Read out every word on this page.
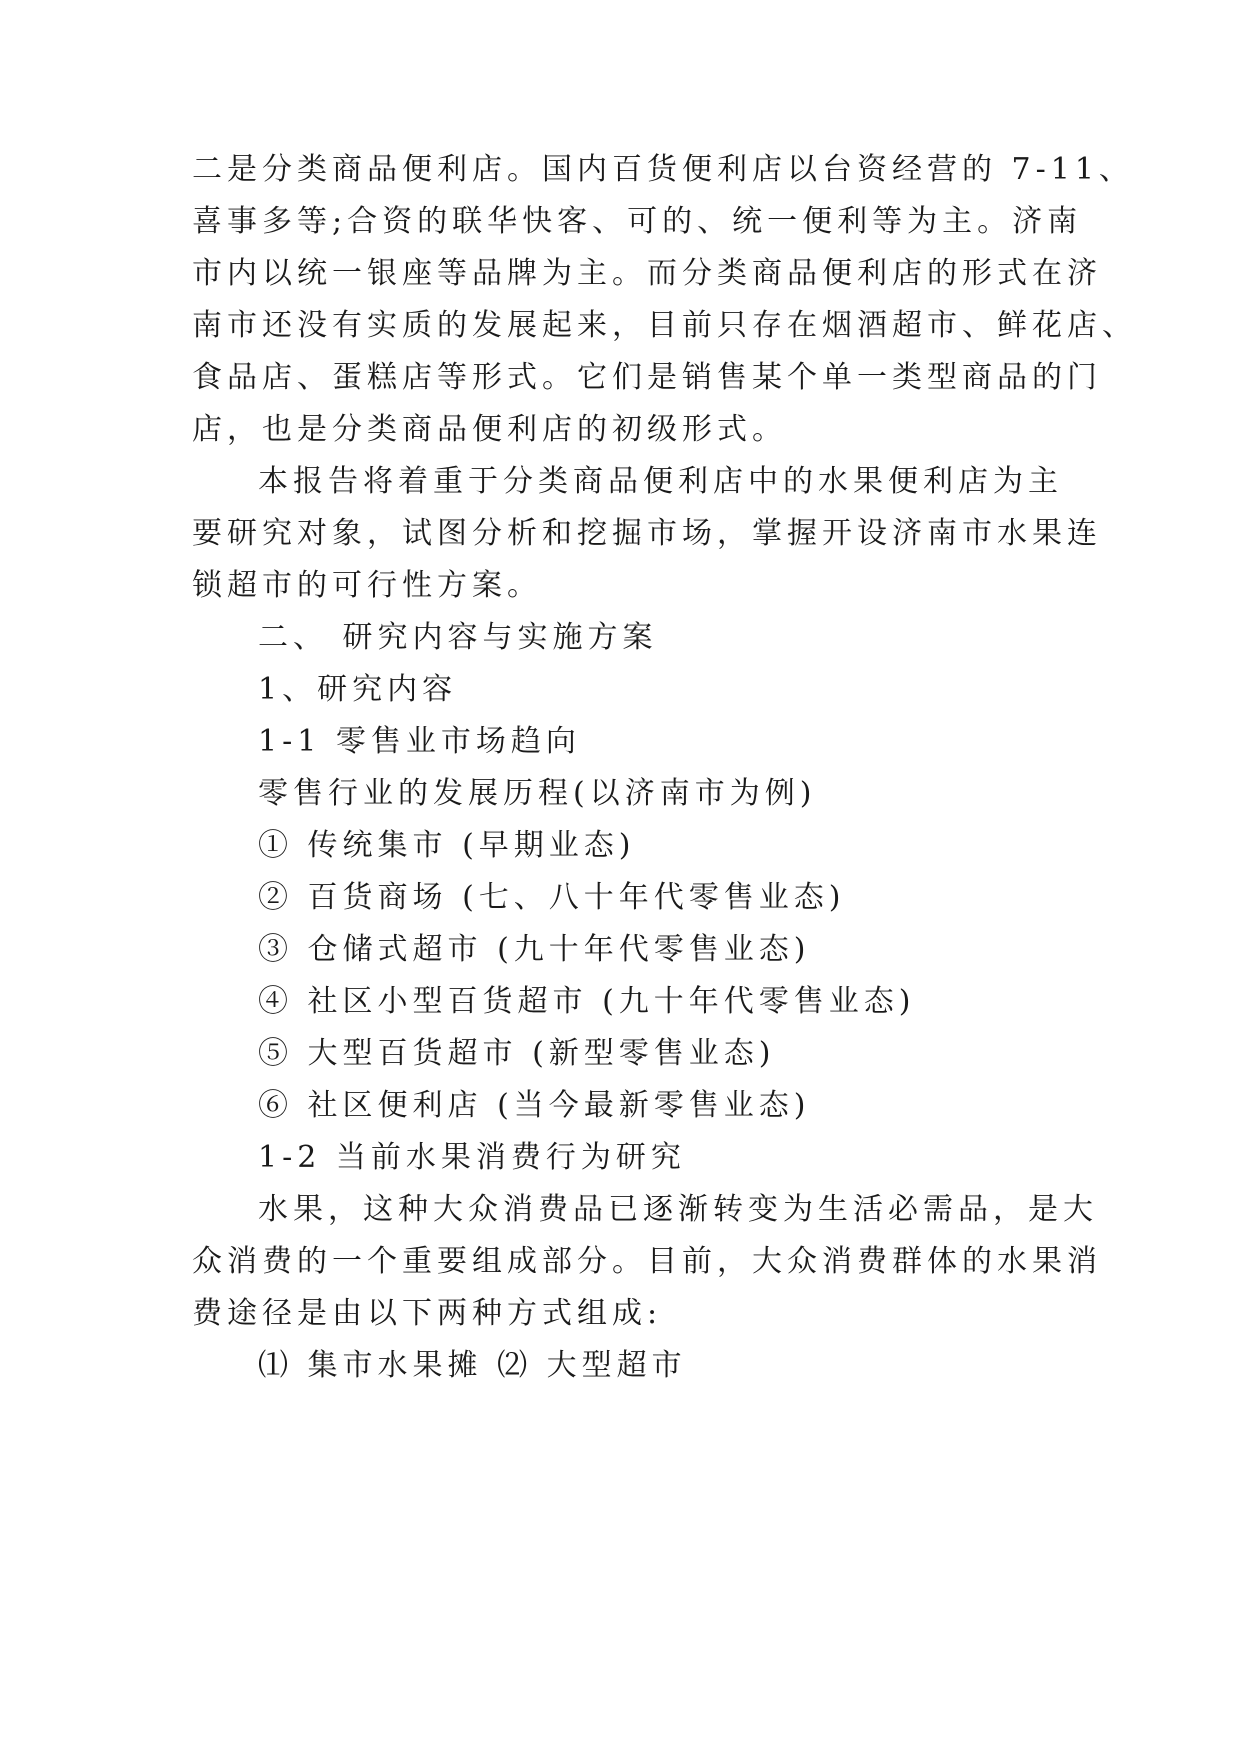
二是分类商品便利店。国内百货便利店以台资经营的 7-11、
喜事多等;合资的联华快客、可的、统一便利等为主。济南
市内以统一银座等品牌为主。而分类商品便利店的形式在济
南市还没有实质的发展起来，目前只存在烟酒超市、鲜花店、
食品店、蛋糕店等形式。它们是销售某个单一类型商品的门
店，也是分类商品便利店的初级形式。
本报告将着重于分类商品便利店中的水果便利店为主
要研究对象，试图分析和挖掘市场，掌握开设济南市水果连
锁超市的可行性方案。
二、 研究内容与实施方案
1、研究内容
1-1 零售业市场趋向
零售行业的发展历程(以济南市为例)
① 传统集市 (早期业态)
② 百货商场 (七、八十年代零售业态)
③ 仓储式超市 (九十年代零售业态)
④ 社区小型百货超市 (九十年代零售业态)
⑤ 大型百货超市 (新型零售业态)
⑥ 社区便利店 (当今最新零售业态)
1-2 当前水果消费行为研究
水果，这种大众消费品已逐渐转变为生活必需品，是大
众消费的一个重要组成部分。目前，大众消费群体的水果消
费途径是由以下两种方式组成:
⑴ 集市水果摊 ⑵ 大型超市
